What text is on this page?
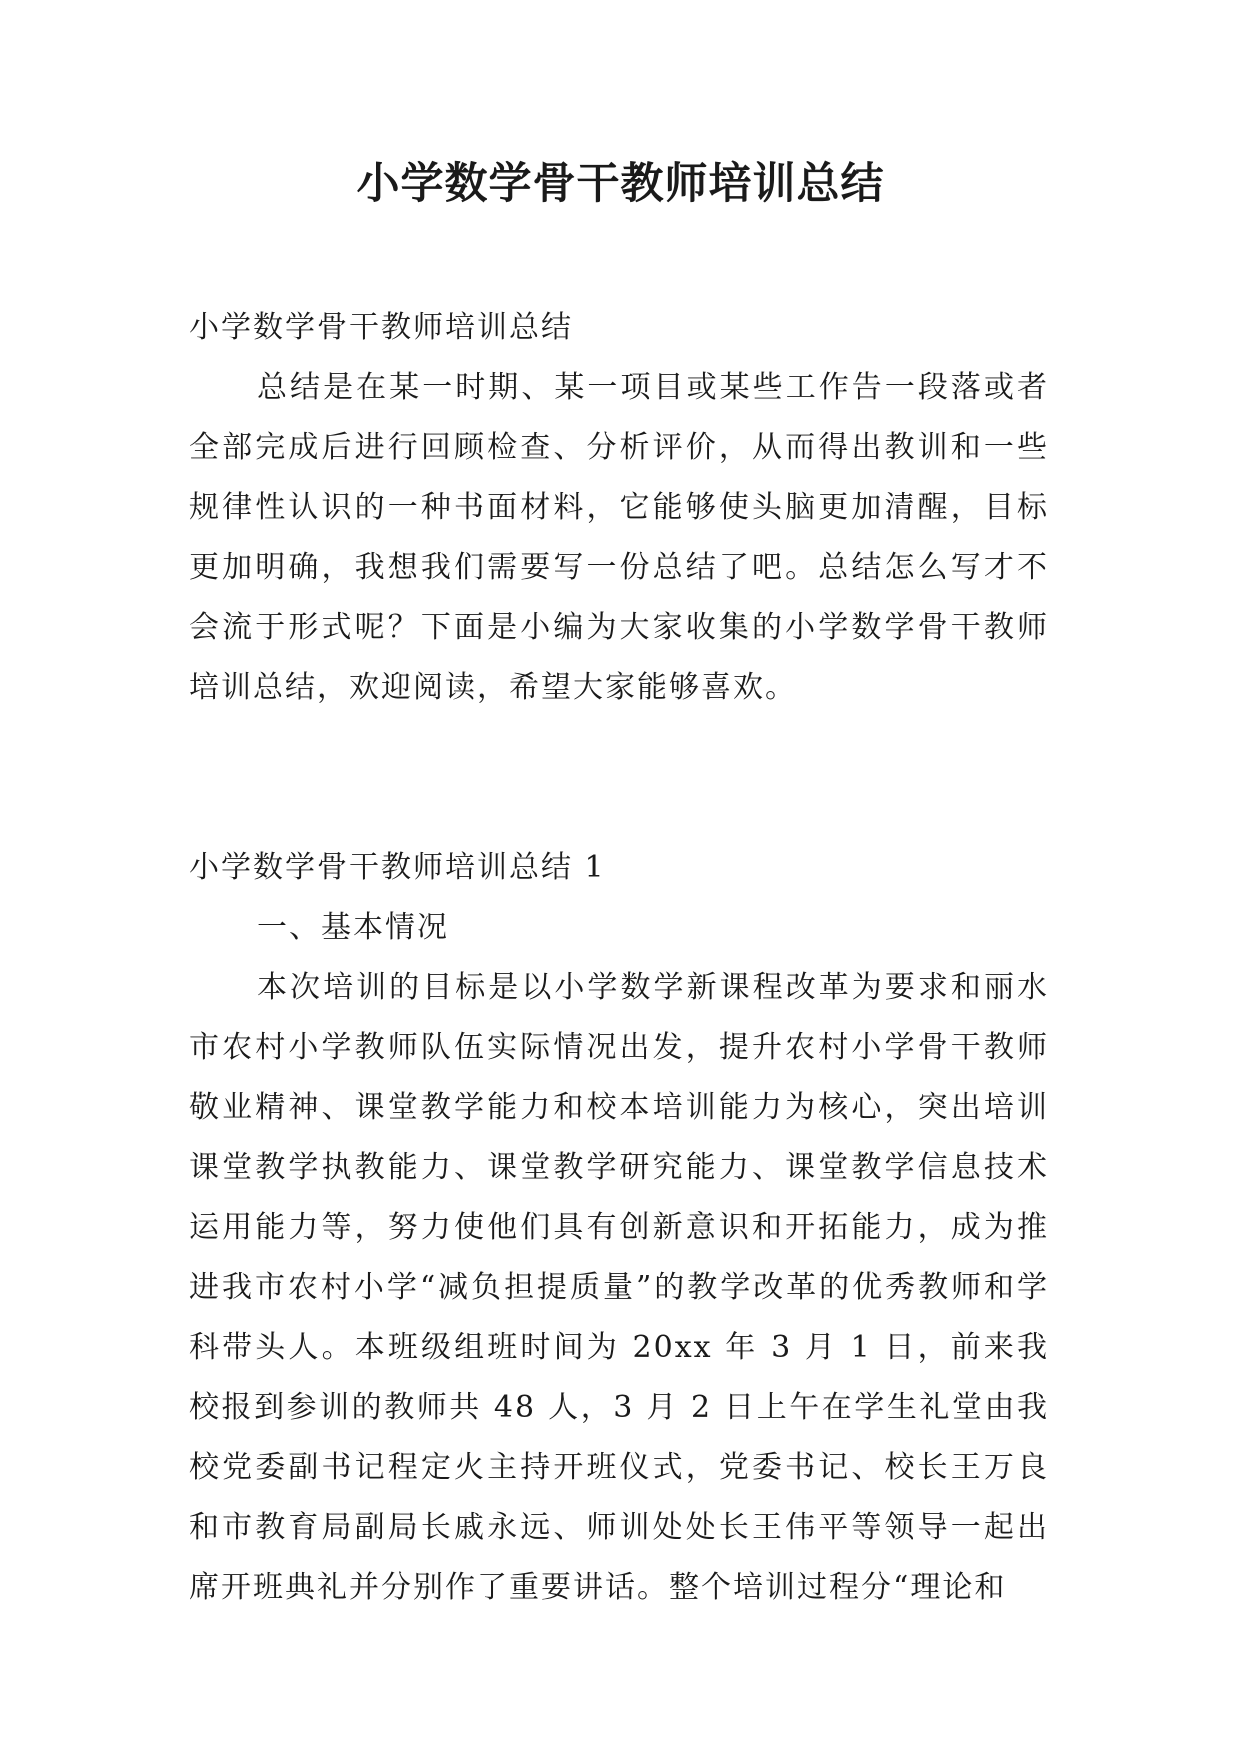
小学数学骨干教师培训总结

小学数学骨干教师培训总结

总结是在某一时期、某一项目或某些工作告一段落或者全部完成后进行回顾检查、分析评价，从而得出教训和一些规律性认识的一种书面材料，它能够使头脑更加清醒，目标更加明确，我想我们需要写一份总结了吧。总结怎么写才不会流于形式呢？下面是小编为大家收集的小学数学骨干教师培训总结，欢迎阅读，希望大家能够喜欢。

小学数学骨干教师培训总结 1

一、基本情况

本次培训的目标是以小学数学新课程改革为要求和丽水市农村小学教师队伍实际情况出发，提升农村小学骨干教师敬业精神、课堂教学能力和校本培训能力为核心，突出培训课堂教学执教能力、课堂教学研究能力、课堂教学信息技术运用能力等，努力使他们具有创新意识和开拓能力，成为推进我市农村小学“减负担提质量”的教学改革的优秀教师和学科带头人。本班级组班时间为 20xx 年 3 月 1 日，前来我校报到参训的教师共 48 人，3 月 2 日上午在学生礼堂由我校党委副书记程定火主持开班仪式，党委书记、校长王万良和市教育局副局长戚永远、师训处处长王伟平等领导一起出席开班典礼并分别作了重要讲话。整个培训过程分“理论和
